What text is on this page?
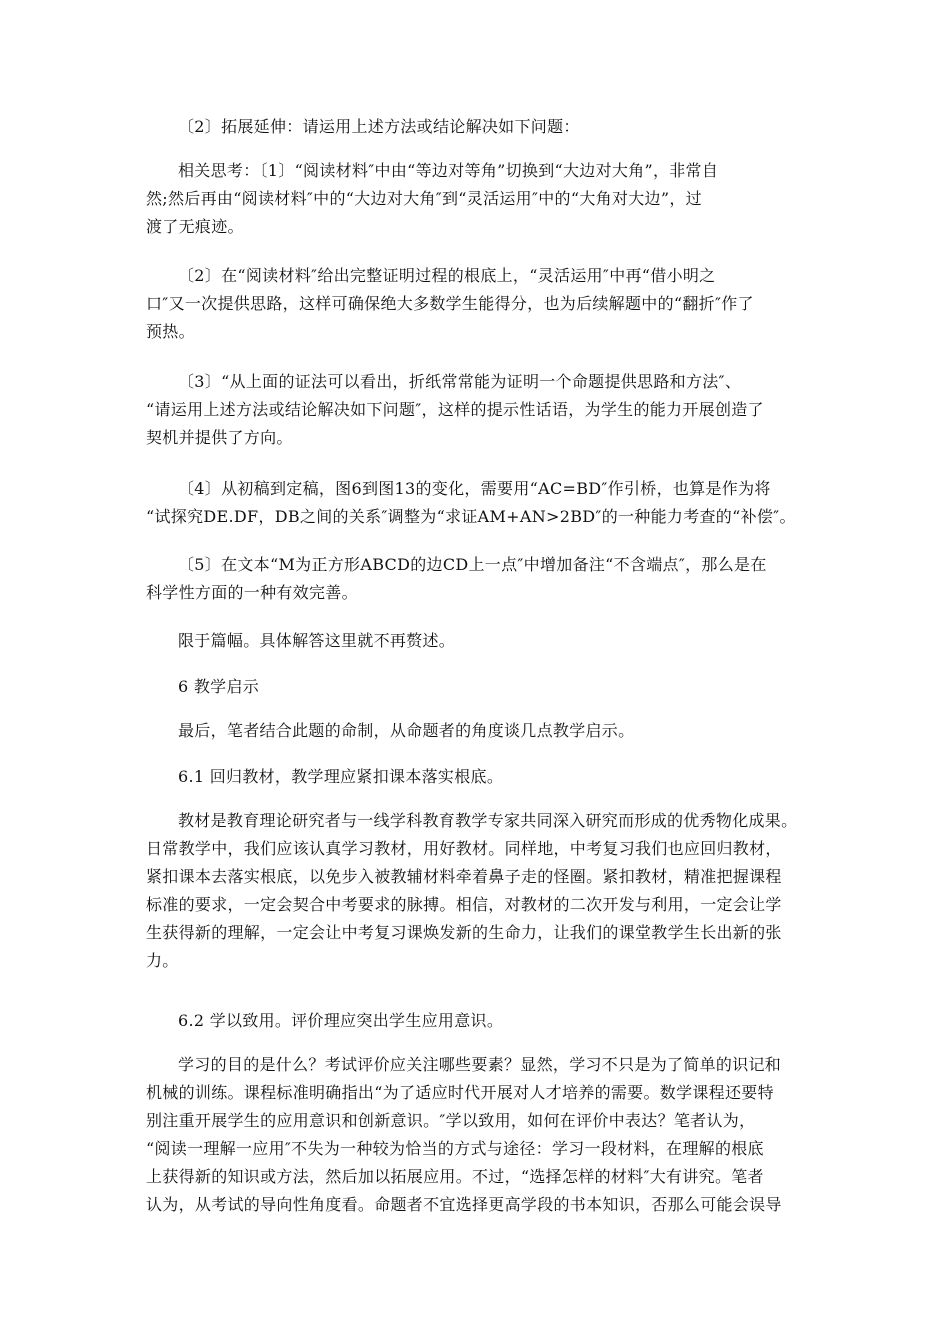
〔2〕拓展延伸：请运用上述方法或结论解决如下问题：

相关思考：〔1〕“阅读材料″中由“等边对等角”切换到“大边对大角”，非常自
然;然后再由“阅读材料″中的“大边对大角″到“灵活运用″中的“大角对大边”，过
渡了无痕迹。

〔2〕在“阅读材料″给出完整证明过程的根底上，“灵活运用″中再“借小明之
口″又一次提供思路，这样可确保绝大多数学生能得分，也为后续解题中的“翻折″作了
预热。

〔3〕“从上面的证法可以看出，折纸常常能为证明一个命题提供思路和方法″、
“请运用上述方法或结论解决如下问题″，这样的提示性话语，为学生的能力开展创造了
契机并提供了方向。

〔4〕从初稿到定稿，图6到图13的变化，需要用“AC=BD″作引桥，也算是作为将
“试探究DE.DF，DB之间的关系″调整为“求证AM+AN>2BD″的一种能力考查的“补偿″。

〔5〕在文本“M为正方形ABCD的边CD上一点″中增加备注“不含端点″，那么是在
科学性方面的一种有效完善。

限于篇幅。具体解答这里就不再赘述。

6 教学启示

最后，笔者结合此题的命制，从命题者的角度谈几点教学启示。

6.1 回归教材，教学理应紧扣课本落实根底。

教材是教育理论研究者与一线学科教育教学专家共同深入研究而形成的优秀物化成果。
日常教学中，我们应该认真学习教材，用好教材。同样地，中考复习我们也应回归教材，
紧扣课本去落实根底，以免步入被教辅材料牵着鼻子走的怪圈。紧扣教材，精准把握课程
标准的要求，一定会契合中考要求的脉搏。相信，对教材的二次开发与利用，一定会让学
生获得新的理解，一定会让中考复习课焕发新的生命力，让我们的课堂教学生长出新的张
力。

6.2 学以致用。评价理应突出学生应用意识。

学习的目的是什么？考试评价应关注哪些要素？显然，学习不只是为了简单的识记和
机械的训练。课程标准明确指出“为了适应时代开展对人才培养的需要。数学课程还要特
别注重开展学生的应用意识和创新意识。″学以致用，如何在评价中表达？笔者认为，
“阅读一理解一应用″不失为一种较为恰当的方式与途径：学习一段材料，在理解的根底
上获得新的知识或方法，然后加以拓展应用。不过，“选择怎样的材料″大有讲究。笔者
认为，从考试的导向性角度看。命题者不宜选择更高学段的书本知识，否那么可能会误导
